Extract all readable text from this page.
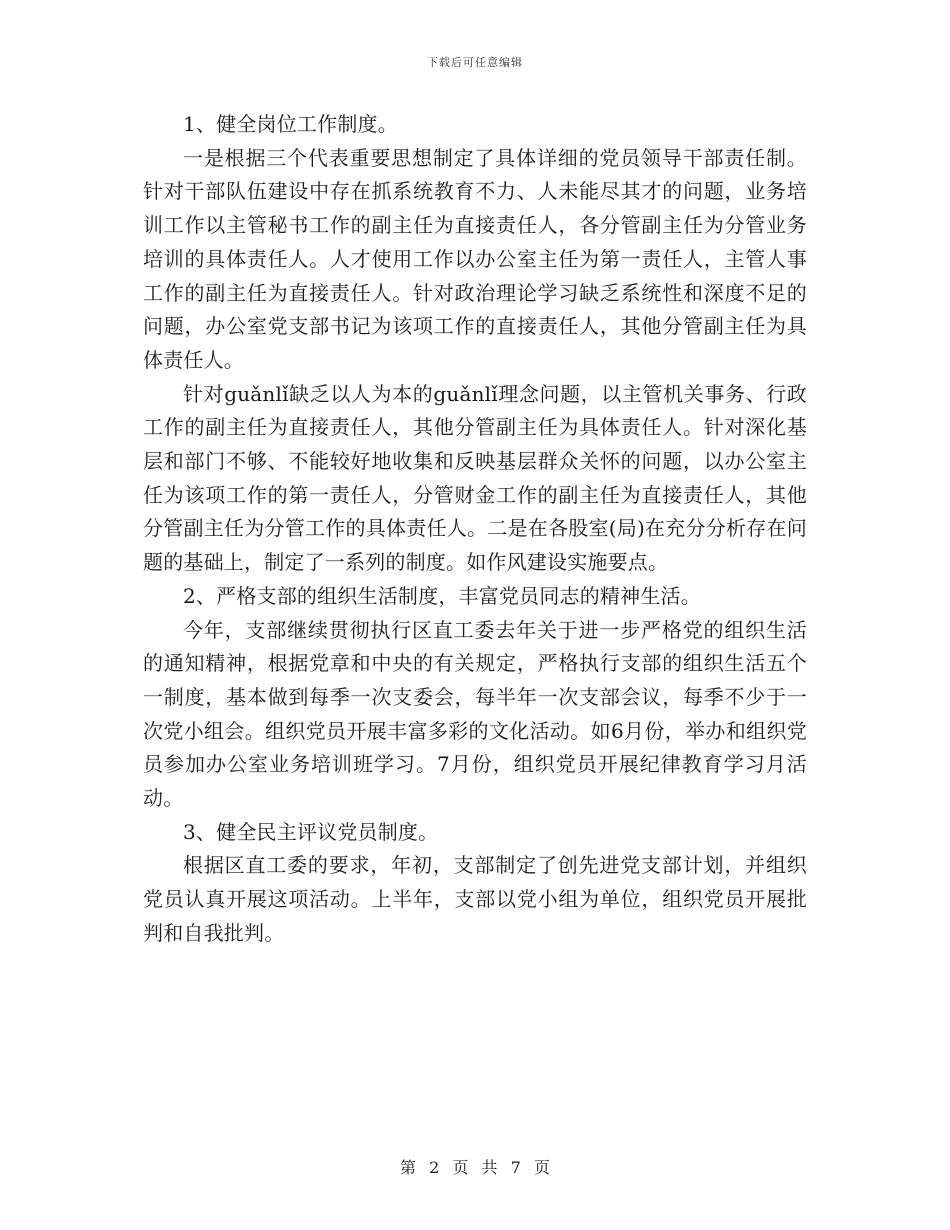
下载后可任意编辑

1、健全岗位工作制度。

一是根据三个代表重要思想制定了具体详细的党员领导干部责任制。针对干部队伍建设中存在抓系统教育不力、人未能尽其才的问题，业务培训工作以主管秘书工作的副主任为直接责任人，各分管副主任为分管业务培训的具体责任人。人才使用工作以办公室主任为第一责任人，主管人事工作的副主任为直接责任人。针对政治理论学习缺乏系统性和深度不足的问题，办公室党支部书记为该项工作的直接责任人，其他分管副主任为具体责任人。

针对guǎnlǐ缺乏以人为本的guǎnlǐ理念问题，以主管机关事务、行政工作的副主任为直接责任人，其他分管副主任为具体责任人。针对深化基层和部门不够、不能较好地收集和反映基层群众关怀的问题，以办公室主任为该项工作的第一责任人，分管财金工作的副主任为直接责任人，其他分管副主任为分管工作的具体责任人。二是在各股室(局)在充分分析存在问题的基础上，制定了一系列的制度。如作风建设实施要点。

2、严格支部的组织生活制度，丰富党员同志的精神生活。

今年，支部继续贯彻执行区直工委去年关于进一步严格党的组织生活的通知精神，根据党章和中央的有关规定，严格执行支部的组织生活五个一制度，基本做到每季一次支委会，每半年一次支部会议，每季不少于一次党小组会。组织党员开展丰富多彩的文化活动。如6月份，举办和组织党员参加办公室业务培训班学习。7月份，组织党员开展纪律教育学习月活动。

3、健全民主评议党员制度。

根据区直工委的要求，年初，支部制定了创先进党支部计划，并组织党员认真开展这项活动。上半年，支部以党小组为单位，组织党员开展批判和自我批判。

第 2 页 共 7 页
